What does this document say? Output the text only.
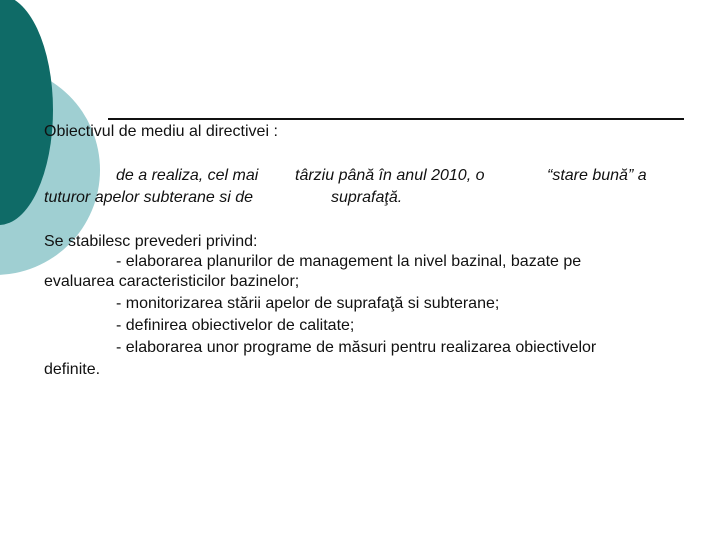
Obiectivul de mediu al directivei :
de a realiza, cel mai târziu până în anul 2010, o	“stare bună” a
tuturor apelor subterane si de	suprafaţă.
Se stabilesc prevederi privind:
- elaborarea planurilor de management la nivel bazinal, bazate pe
evaluarea caracteristicilor bazinelor;
- monitorizarea stării apelor de suprafaţă si subterane;
- definirea obiectivelor de calitate;
- elaborarea unor programe de măsuri pentru realizarea obiectivelor
definite.
